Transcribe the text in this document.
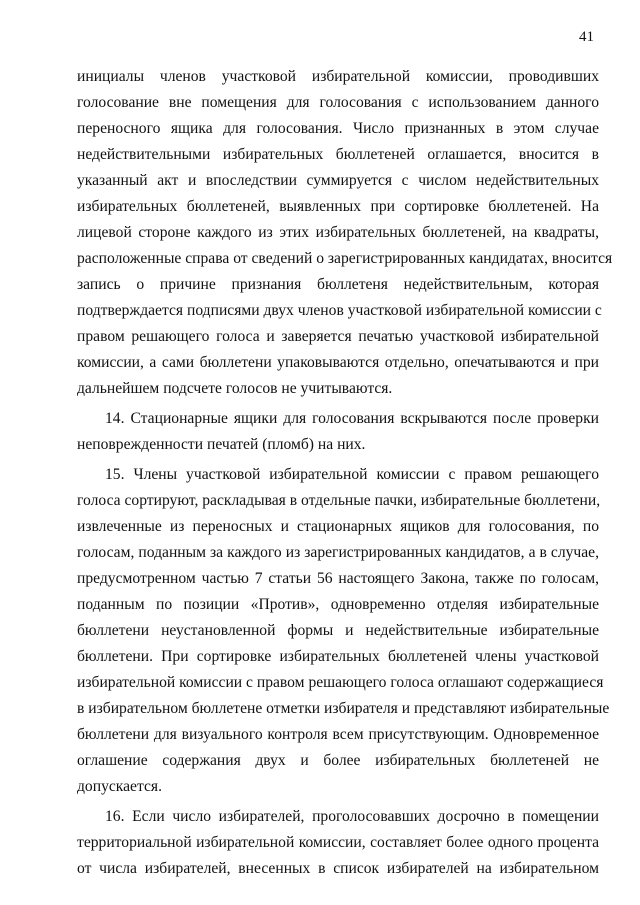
41
инициалы членов участковой избирательной комиссии, проводивших
голосование вне помещения для голосования с использованием данного
переносного ящика для голосования. Число признанных в этом случае
недействительными избирательных бюллетеней оглашается, вносится в
указанный акт и впоследствии суммируется с числом недействительных
избирательных бюллетеней, выявленных при сортировке бюллетеней. На
лицевой стороне каждого из этих избирательных бюллетеней, на квадраты,
расположенные справа от сведений о зарегистрированных кандидатах, вносится
запись о причине признания бюллетеня недействительным, которая
подтверждается подписями двух членов участковой избирательной комиссии с
правом решающего голоса и заверяется печатью участковой избирательной
комиссии, а сами бюллетени упаковываются отдельно, опечатываются и при
дальнейшем подсчете голосов не учитываются.
14. Стационарные ящики для голосования вскрываются после проверки
неповрежденности печатей (пломб) на них.
15. Члены участковой избирательной комиссии с правом решающего
голоса сортируют, раскладывая в отдельные пачки, избирательные бюллетени,
извлеченные из переносных и стационарных ящиков для голосования, по
голосам, поданным за каждого из зарегистрированных кандидатов, а в случае,
предусмотренном частью 7 статьи 56 настоящего Закона, также по голосам,
поданным по позиции «Против», одновременно отделяя избирательные
бюллетени неустановленной формы и недействительные избирательные
бюллетени. При сортировке избирательных бюллетеней члены участковой
избирательной комиссии с правом решающего голоса оглашают содержащиеся
в избирательном бюллетене отметки избирателя и представляют избирательные
бюллетени для визуального контроля всем присутствующим. Одновременное
оглашение содержания двух и более избирательных бюллетеней не
допускается.
16. Если число избирателей, проголосовавших досрочно в помещении
территориальной избирательной комиссии, составляет более одного процента
от числа избирателей, внесенных в список избирателей на избирательном
